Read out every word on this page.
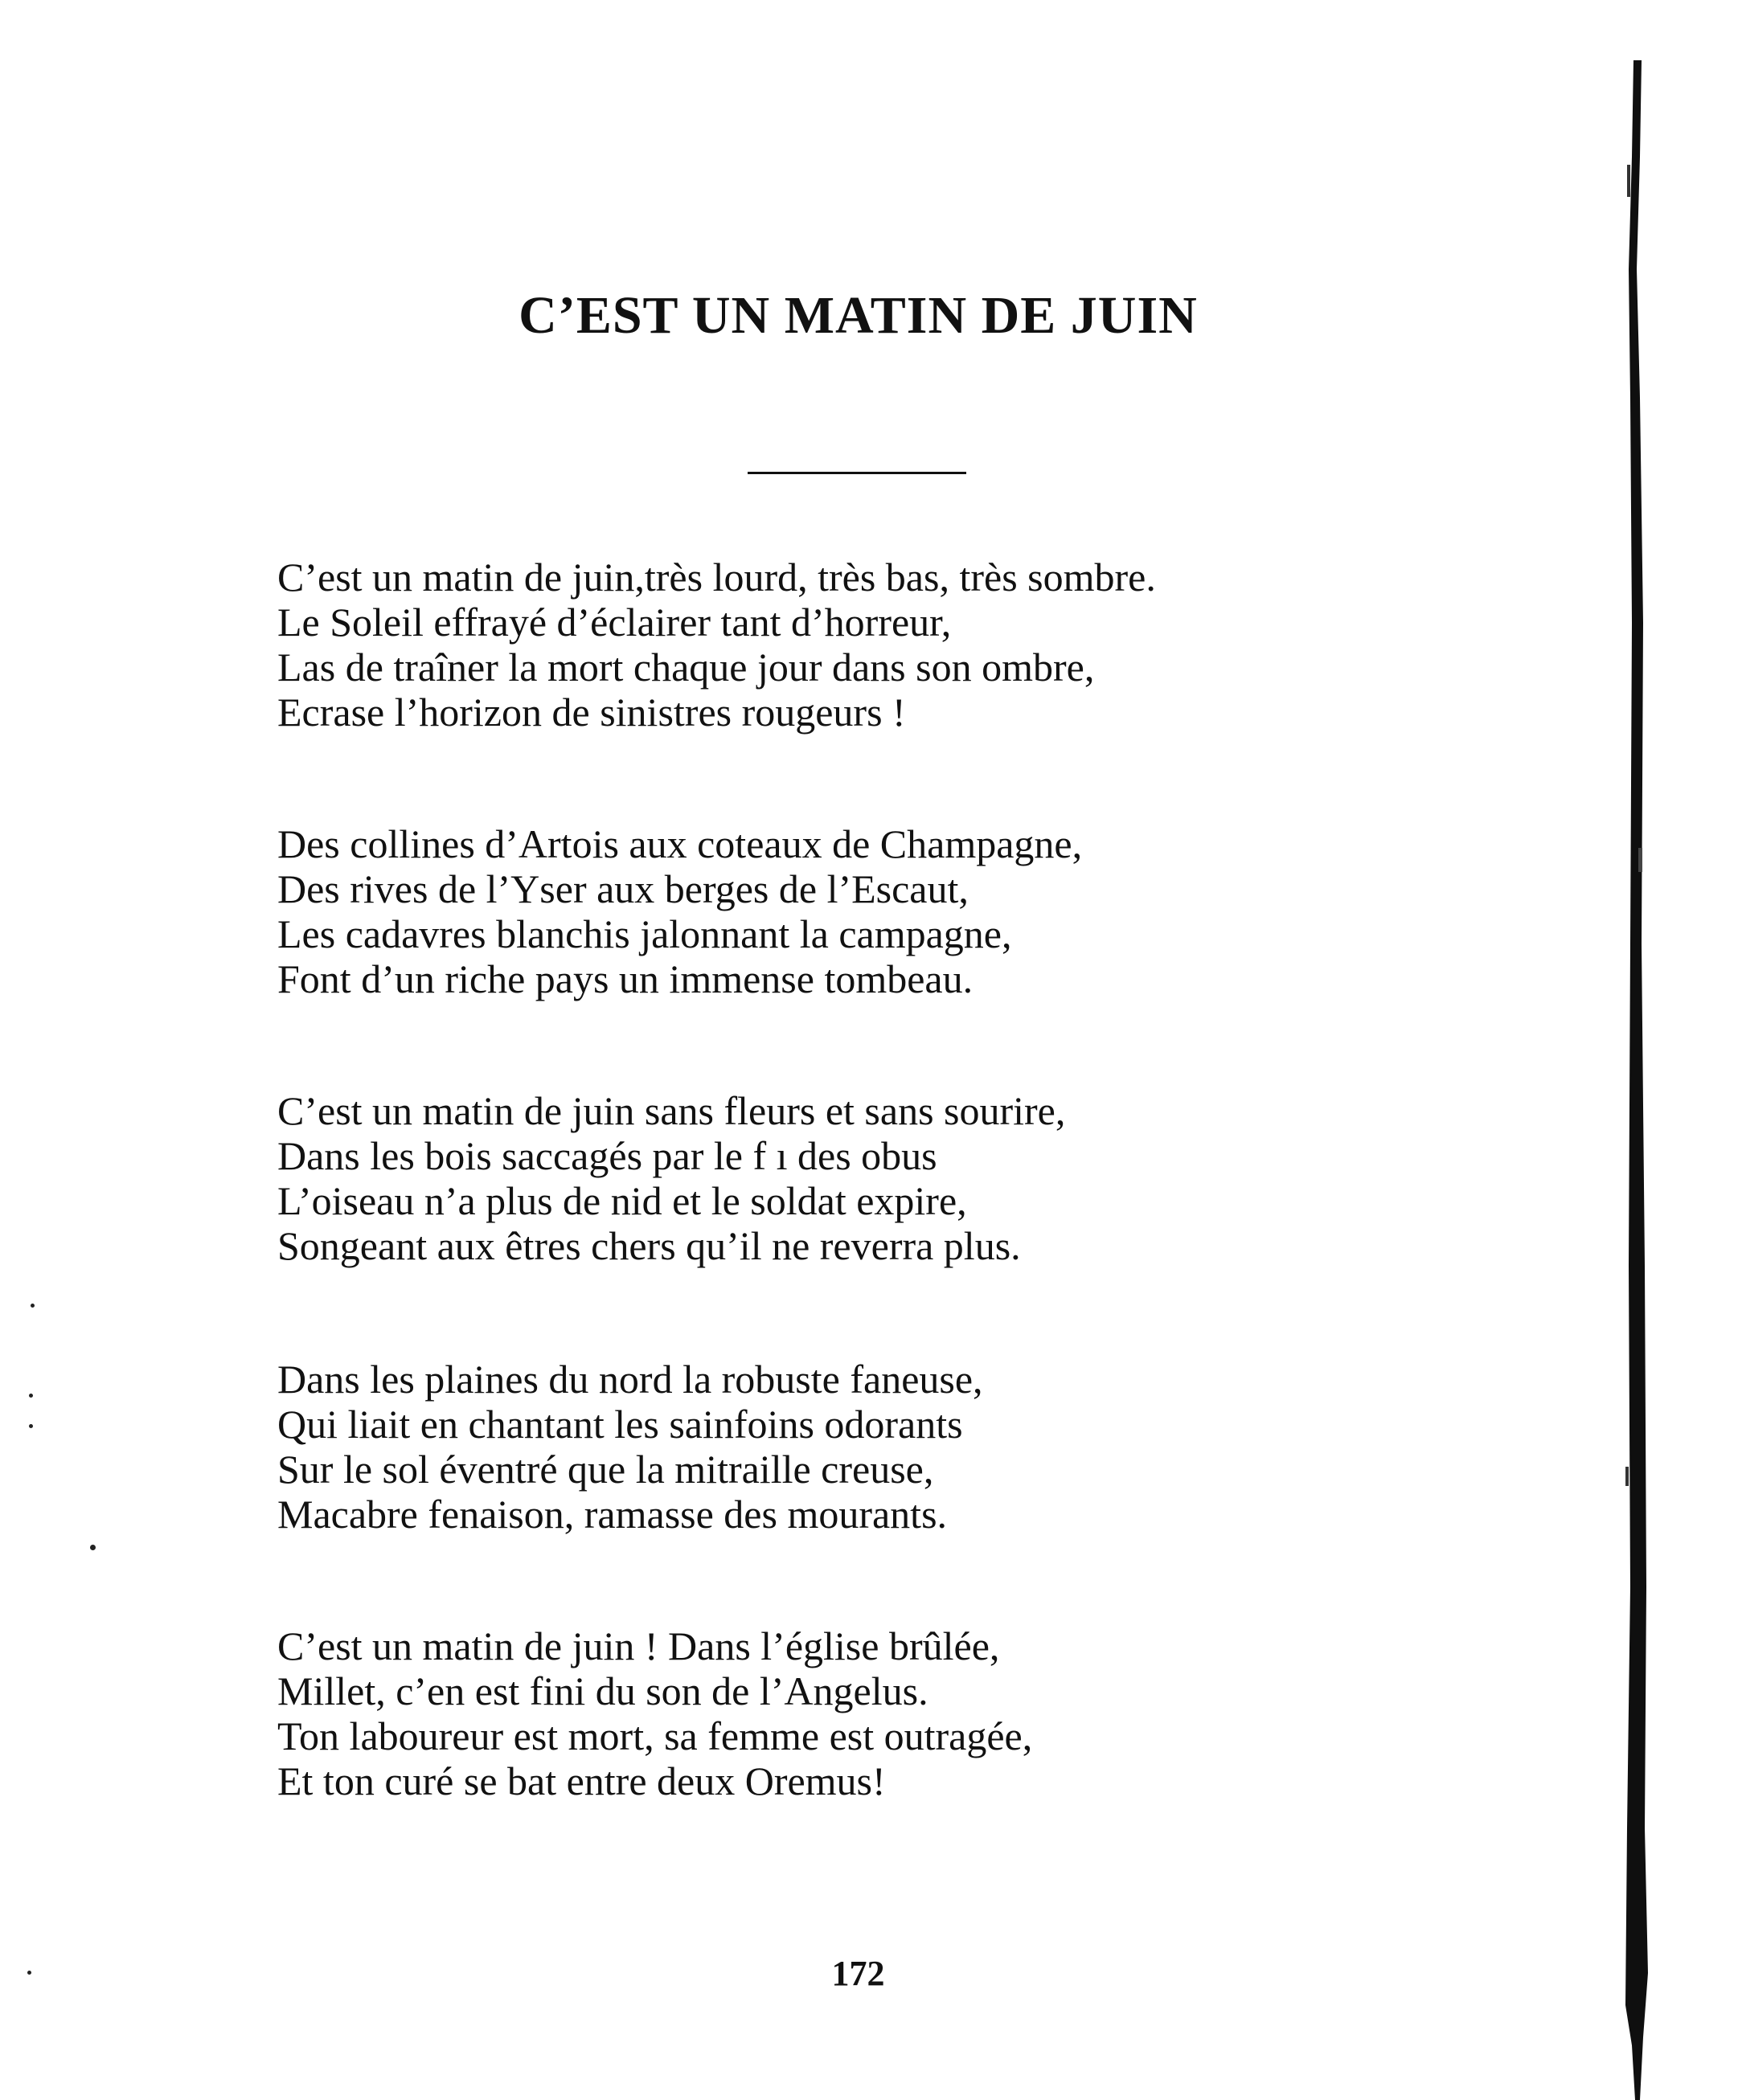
C’EST UN MATIN DE JUIN
C’est un matin de juin,très lourd, très bas, très sombre.
Le Soleil effrayé d’éclairer tant d’horreur,
Las de traîner la mort chaque jour dans son ombre,
Ecrase l’horizon de sinistres rougeurs !
Des collines d’Artois aux coteaux de Champagne,
Des rives de l’Yser aux berges de l’Escaut,
Les cadavres blanchis jalonnant la campagne,
Font d’un riche pays un immense tombeau.
C’est un matin de juin sans fleurs et sans sourire,
Dans les bois saccagés par le f ı des obus
L’oiseau n’a plus de nid et le soldat expire,
Songeant aux êtres chers qu’il ne reverra plus.
Dans les plaines du nord la robuste faneuse,
Qui liait en chantant les sainfoins odorants
Sur le sol éventré que la mitraille creuse,
Macabre fenaison, ramasse des mourants.
C’est un matin de juin ! Dans l’église brûlée,
Millet, c’en est fini du son de l’Angelus.
Ton laboureur est mort, sa femme est outragée,
Et ton curé se bat entre deux Oremus!
172
